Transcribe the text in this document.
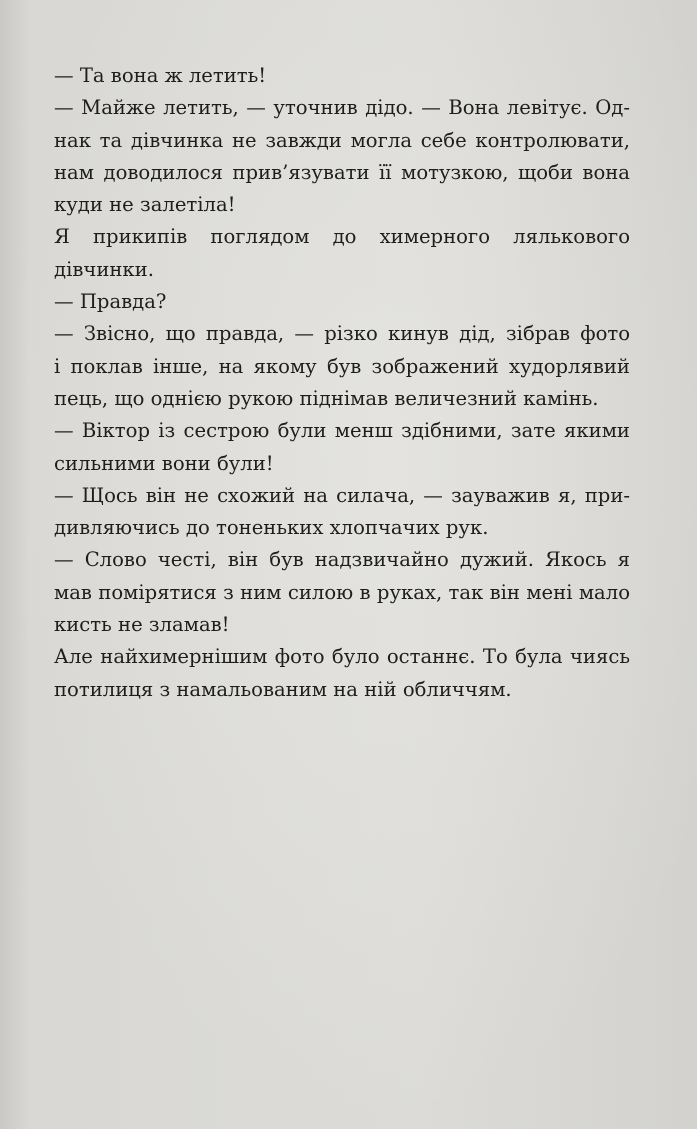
— Та вона ж летить!
— Майже летить, — уточнив дідо. — Вона левітує. Од-
нак та дівчинка не завжди могла себе контролювати,
нам доводилося прив’язувати її мотузкою, щоби вона
куди не залетіла!
Я прикипів поглядом до химерного лялькового
дівчинки.
— Правда?
— Звісно, що правда, — різко кинув дід, зібрав фото
і поклав інше, на якому був зображений худорлявий
пець, що однією рукою піднімав величезний камінь.
— Віктор із сестрою були менш здібними, зате якими
сильними вони були!
— Щось він не схожий на силача, — зауважив я, при-
дивляючись до тоненьких хлопчачих рук.
— Слово честі, він був надзвичайно дужий. Якось я
мав помірятися з ним силою в руках, так він мені мало
кисть не зламав!
Але найхимернішим фото було останнє. То була чиясь
потилиця з намальованим на ній обличчям.
